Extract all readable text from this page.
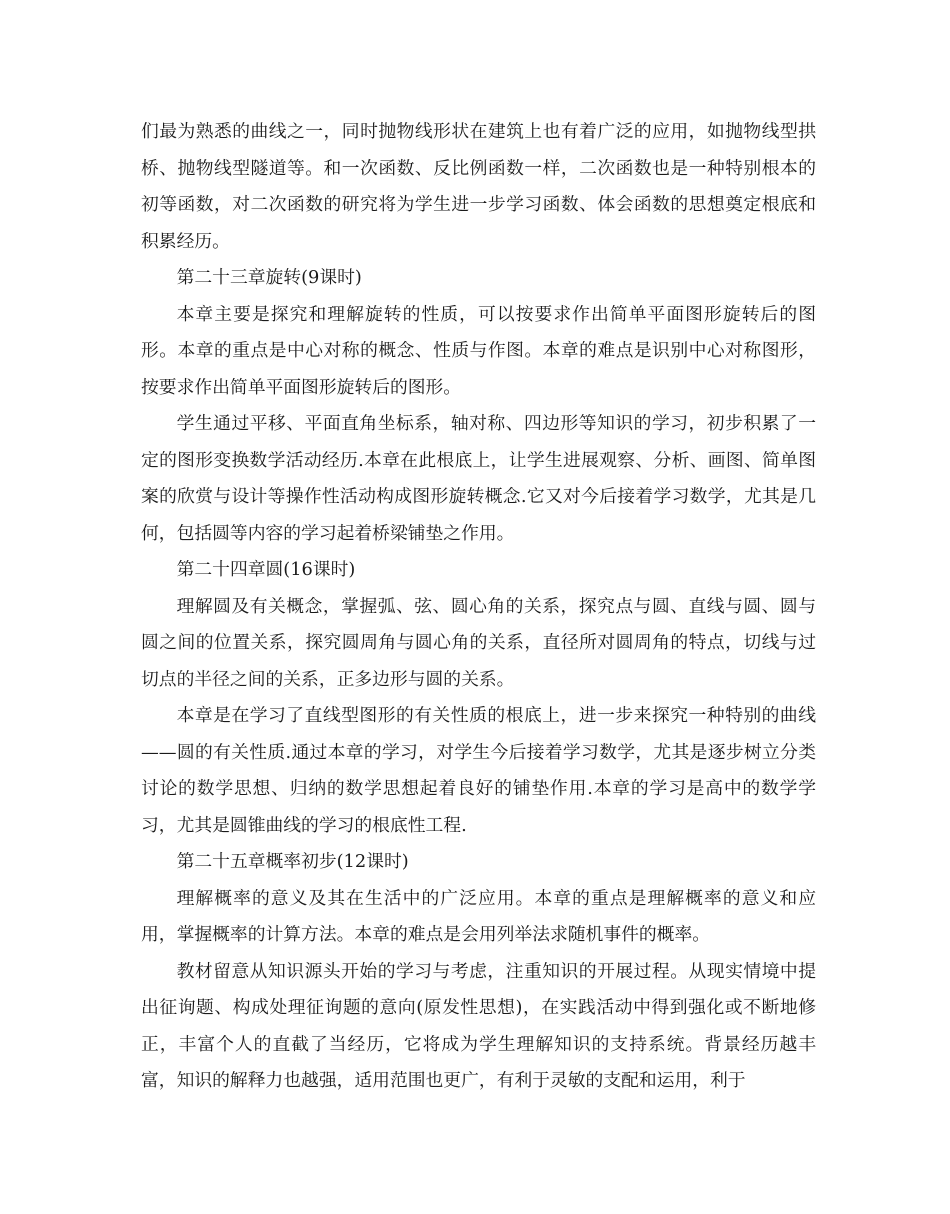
们最为熟悉的曲线之一，同时抛物线形状在建筑上也有着广泛的应用，如抛物线型拱桥、抛物线型隧道等。和一次函数、反比例函数一样，二次函数也是一种特别根本的初等函数，对二次函数的研究将为学生进一步学习函数、体会函数的思想奠定根底和积累经历。

第二十三章旋转(9课时)

本章主要是探究和理解旋转的性质，可以按要求作出简单平面图形旋转后的图形。本章的重点是中心对称的概念、性质与作图。本章的难点是识别中心对称图形，按要求作出简单平面图形旋转后的图形。

学生通过平移、平面直角坐标系，轴对称、四边形等知识的学习，初步积累了一定的图形变换数学活动经历.本章在此根底上，让学生进展观察、分析、画图、简单图案的欣赏与设计等操作性活动构成图形旋转概念.它又对今后接着学习数学，尤其是几何，包括圆等内容的学习起着桥梁铺垫之作用。

第二十四章圆(16课时)

理解圆及有关概念，掌握弧、弦、圆心角的关系，探究点与圆、直线与圆、圆与圆之间的位置关系，探究圆周角与圆心角的关系，直径所对圆周角的特点，切线与过切点的半径之间的关系，正多边形与圆的关系。

本章是在学习了直线型图形的有关性质的根底上，进一步来探究一种特别的曲线——圆的有关性质.通过本章的学习，对学生今后接着学习数学，尤其是逐步树立分类讨论的数学思想、归纳的数学思想起着良好的铺垫作用.本章的学习是高中的数学学习，尤其是圆锥曲线的学习的根底性工程.

第二十五章概率初步(12课时)

理解概率的意义及其在生活中的广泛应用。本章的重点是理解概率的意义和应用，掌握概率的计算方法。本章的难点是会用列举法求随机事件的概率。

教材留意从知识源头开始的学习与考虑，注重知识的开展过程。从现实情境中提出征询题、构成处理征询题的意向(原发性思想)，在实践活动中得到强化或不断地修正，丰富个人的直截了当经历，它将成为学生理解知识的支持系统。背景经历越丰富，知识的解释力也越强，适用范围也更广，有利于灵敏的支配和运用，利于
